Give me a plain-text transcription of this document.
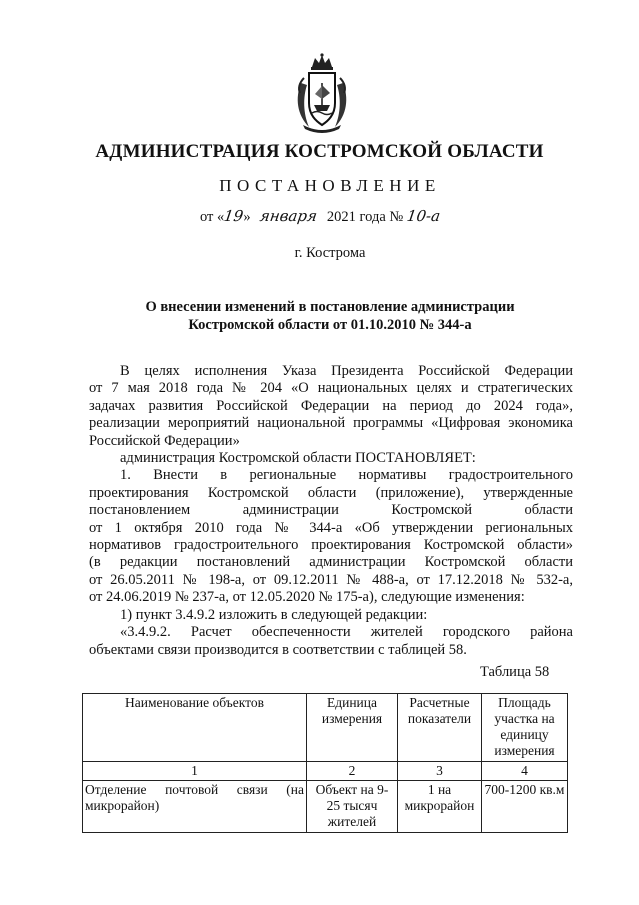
АДМИНИСТРАЦИЯ КОСТРОМСКОЙ ОБЛАСТИ
ПОСТАНОВЛЕНИЕ
от «19» января 2021 года № 10-а
г. Кострома
О внесении изменений в постановление администрации
Костромской области от 01.10.2010 № 344-а

В целях исполнения Указа Президента Российской Федерации

от 7 мая 2018 года № 204 «О национальных целях и стратегических

задачах развития Российской Федерации на период до 2024 года»,

реализации мероприятий национальной программы «Цифровая экономика

Российской Федерации»

администрация Костромской области ПОСТАНОВЛЯЕТ:

1. Внести в региональные нормативы градостроительного

проектирования Костромской области (приложение), утвержденные

постановлением администрации Костромской области

от 1 октября 2010 года № 344-а «Об утверждении региональных

нормативов градостроительного проектирования Костромской области»

(в редакции постановлений администрации Костромской области

от 26.05.2011 № 198-а, от 09.12.2011 № 488-а, от 17.12.2018 № 532-а,

от 24.06.2019 № 237-а, от 12.05.2020 № 175-а), следующие изменения:

1) пункт 3.4.9.2 изложить в следующей редакции:

«3.4.9.2. Расчет обеспеченности жителей городского района

объектами связи производится в соответствии с таблицей 58.

Таблица 58
Наименование объектов	Единица измерения	Расчетные показатели	Площадь участка на единицу измерения
1	2	3	4
Отделение почтовой связи (на микрорайон)	Объект на 9-25 тысяч жителей	1 на микрорайон	700-1200 кв.м
